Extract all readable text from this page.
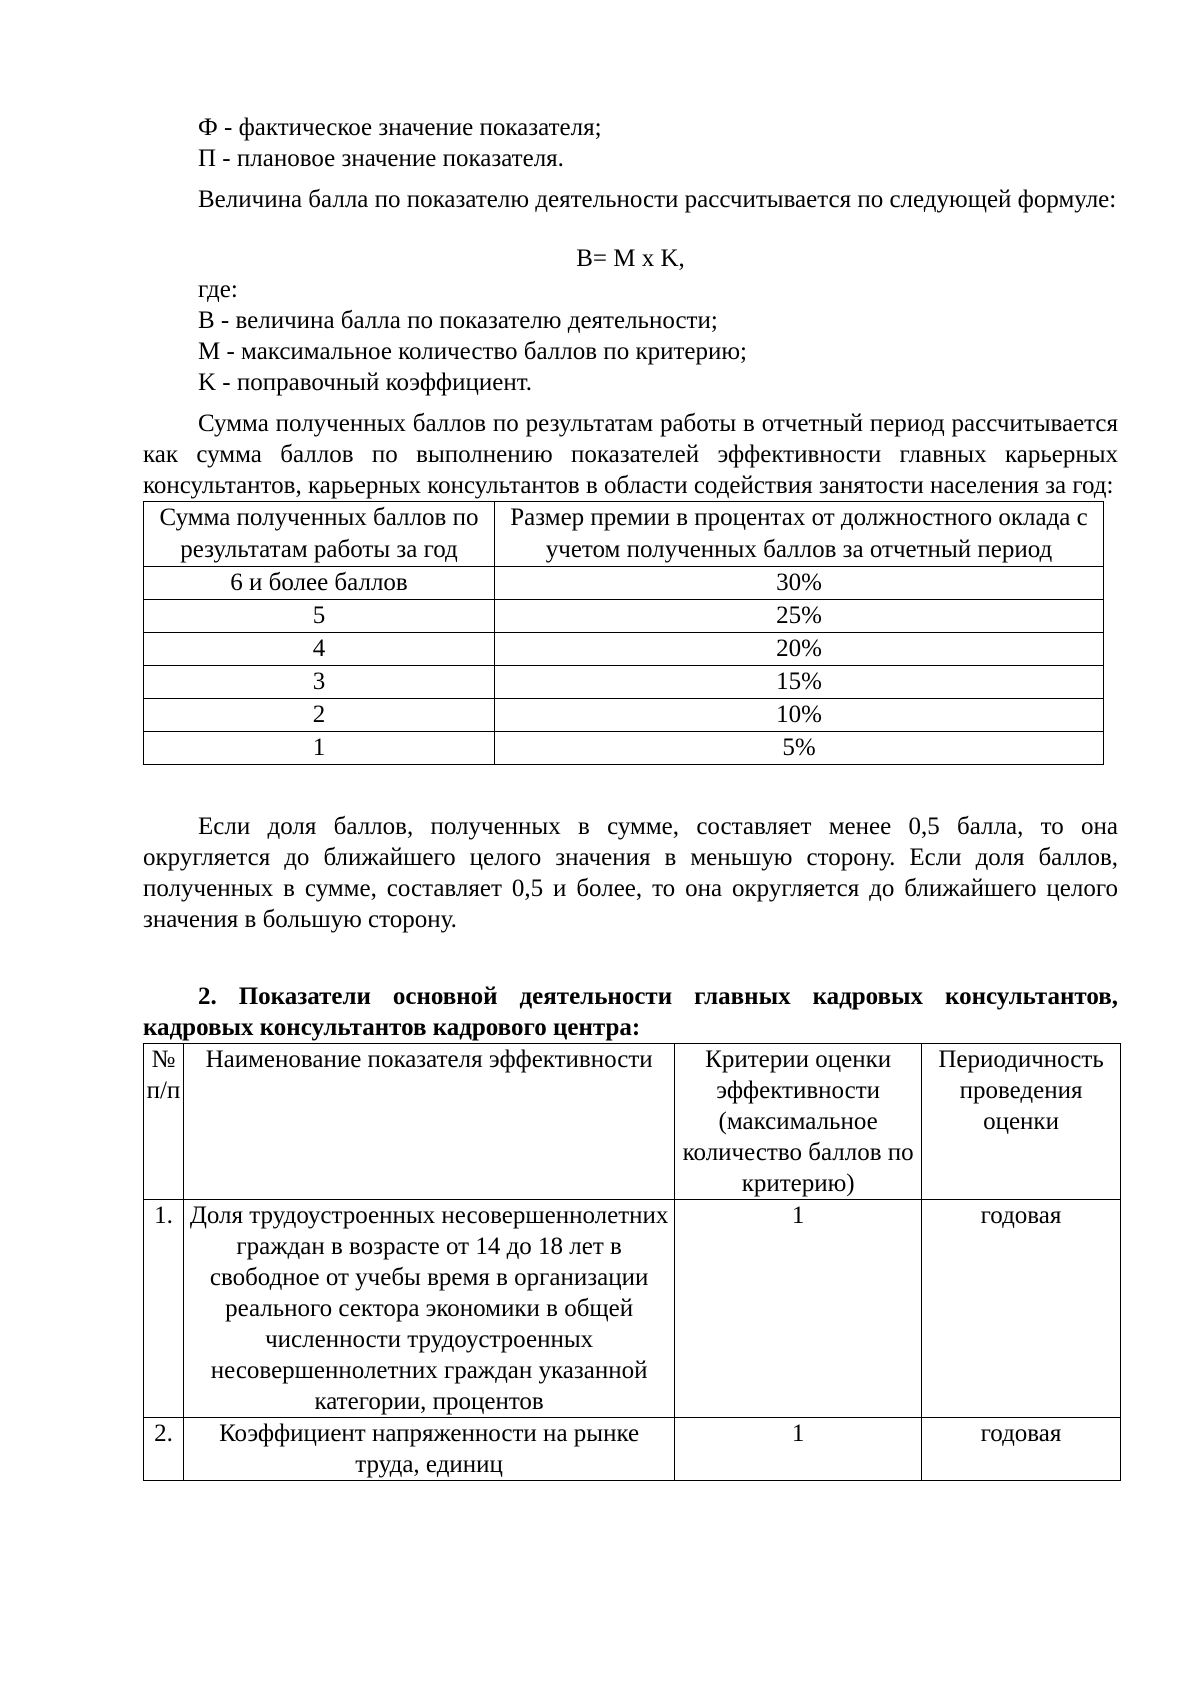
Ф - фактическое значение показателя;
П - плановое значение показателя.
Величина балла по показателю деятельности рассчитывается по следующей формуле:
B= M x K,
где:
B - величина балла по показателю деятельности;
M - максимальное количество баллов по критерию;
K - поправочный коэффициент.
Сумма полученных баллов по результатам работы в отчетный период рассчитывается как сумма баллов по выполнению показателей эффективности главных карьерных консультантов, карьерных консультантов в области содействия занятости населения за год:
Сумма полученных баллов по результатам работы за год	Размер премии в процентах от должностного оклада с учетом полученных баллов за отчетный период
6 и более баллов	30%
5	25%
4	20%
3	15%
2	10%
1	5%
Если доля баллов, полученных в сумме, составляет менее 0,5 балла, то она округляется до ближайшего целого значения в меньшую сторону. Если доля баллов, полученных в сумме, составляет 0,5 и более, то она округляется до ближайшего целого значения в большую сторону.
2. Показатели основной деятельности главных кадровых консультантов, кадровых консультантов кадрового центра:
№ п/п	Наименование показателя эффективности	Критерии оценки эффективности (максимальное количество баллов по критерию)	Периодичность проведения оценки
1.	Доля трудоустроенных несовершеннолетних граждан в возрасте от 14 до 18 лет в свободное от учебы время в организации реального сектора экономики в общей численности трудоустроенных несовершеннолетних граждан указанной категории, процентов	1	годовая
2.	Коэффициент напряженности на рынке труда, единиц	1	годовая
